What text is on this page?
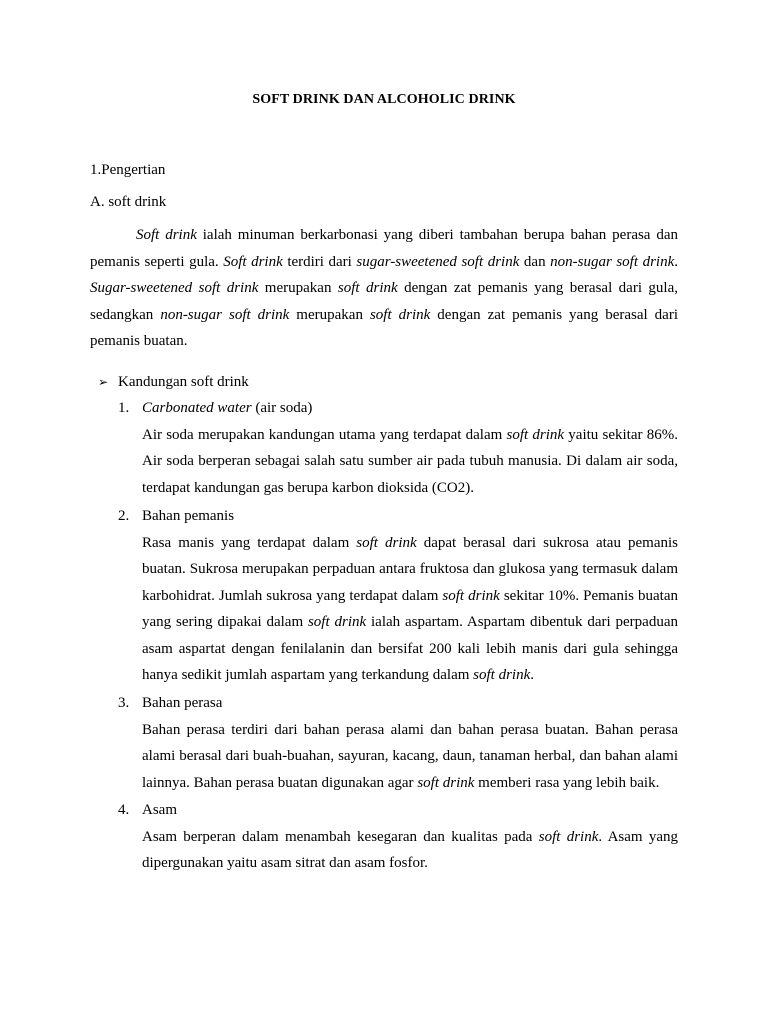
SOFT DRINK DAN ALCOHOLIC DRINK
1.Pengertian
A. soft drink

Soft drink ialah minuman berkarbonasi yang diberi tambahan berupa bahan perasa dan pemanis seperti gula. Soft drink terdiri dari sugar-sweetened soft drink dan non-sugar soft drink. Sugar-sweetened soft drink merupakan soft drink dengan zat pemanis yang berasal dari gula, sedangkan non-sugar soft drink merupakan soft drink dengan zat pemanis yang berasal dari pemanis buatan.

➢ Kandungan soft drink
1. Carbonated water (air soda)

Air soda merupakan kandungan utama yang terdapat dalam soft drink yaitu sekitar 86%. Air soda berperan sebagai salah satu sumber air pada tubuh manusia. Di dalam air soda, terdapat kandungan gas berupa karbon dioksida (CO2).

2. Bahan pemanis

Rasa manis yang terdapat dalam soft drink dapat berasal dari sukrosa atau pemanis buatan. Sukrosa merupakan perpaduan antara fruktosa dan glukosa yang termasuk dalam karbohidrat. Jumlah sukrosa yang terdapat dalam soft drink sekitar 10%. Pemanis buatan yang sering dipakai dalam soft drink ialah aspartam. Aspartam dibentuk dari perpaduan asam aspartat dengan fenilalanin dan bersifat 200 kali lebih manis dari gula sehingga hanya sedikit jumlah aspartam yang terkandung dalam soft drink.

3. Bahan perasa

Bahan perasa terdiri dari bahan perasa alami dan bahan perasa buatan. Bahan perasa alami berasal dari buah-buahan, sayuran, kacang, daun, tanaman herbal, dan bahan alami lainnya. Bahan perasa buatan digunakan agar soft drink memberi rasa yang lebih baik.

4. Asam

Asam berperan dalam menambah kesegaran dan kualitas pada soft drink. Asam yang dipergunakan yaitu asam sitrat dan asam fosfor.
